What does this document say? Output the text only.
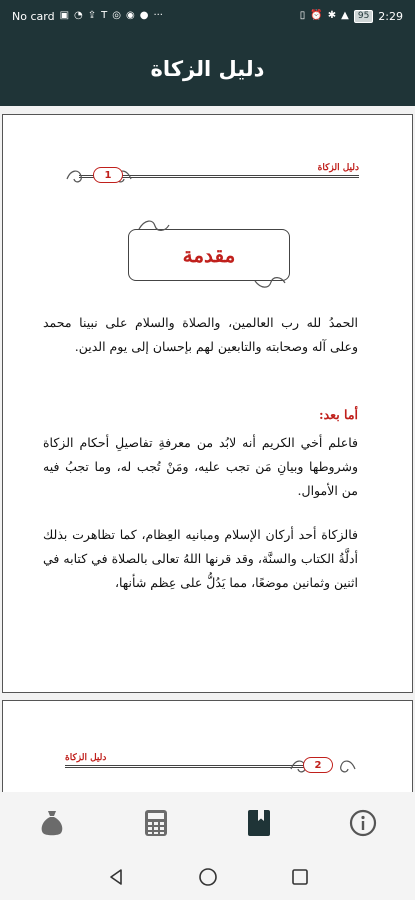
No card ▣ ◔ ⇪ T ◎ ◉ ● ···	▯ ⏰ ✱ ▲	95 2:29
دليل الزكاة
دليل الزكاة
1
مقدمة
الحمدُ لله رب العالمين، والصلاة والسلام على نبينا محمد وعلى آله وصحابته والتابعين لهم بإحسان إلى يوم الدين.
أما بعد:
فاعلم أخي الكريم أنه لابُد من معرفةِ تفاصيلِ أحكام الزكاة وشروطها وبيانِ مَن تجب عليه، ومَنْ تُجب له، وما تجبُ فيه من الأموال.
فالزكاة أحد أركان الإسلام ومبانيه العِظام، كما تظاهرت بذلك أدلَّةُ الكتاب والسنَّة، وقد قرنها اللهُ تعالى بالصلاة في كتابه في اثنين وثمانين موضعًا، مما يَدُلُّ على عِظم شأنها،
دليل الزكاة
2
